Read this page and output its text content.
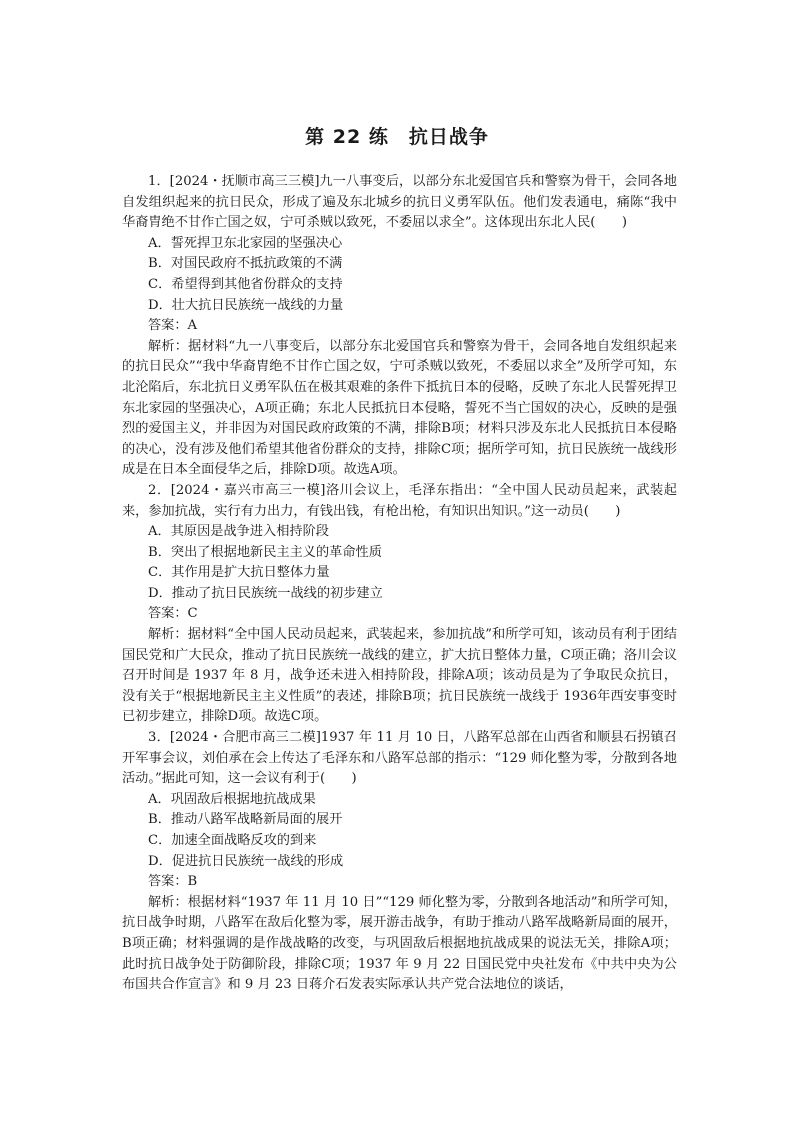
第 22 练　抗日战争

1．[2024・抚顺市高三三模]九一八事变后，以部分东北爱国官兵和警察为骨干，会同各地自发组织起来的抗日民众，形成了遍及东北城乡的抗日义勇军队伍。他们发表通电，痛陈“我中华裔胄绝不甘作亡国之奴，宁可杀贼以致死，不委屈以求全”。这体现出东北人民(　　)

A．誓死捍卫东北家园的坚强决心

B．对国民政府不抵抗政策的不满

C．希望得到其他省份群众的支持

D．壮大抗日民族统一战线的力量

答案：A

解析：据材料“九一八事变后，以部分东北爱国官兵和警察为骨干，会同各地自发组织起来的抗日民众”“我中华裔胄绝不甘作亡国之奴，宁可杀贼以致死，不委屈以求全”及所学可知，东北沦陷后，东北抗日义勇军队伍在极其艰难的条件下抵抗日本的侵略，反映了东北人民誓死捍卫东北家园的坚强决心，A项正确；东北人民抵抗日本侵略，誓死不当亡国奴的决心，反映的是强烈的爱国主义，并非因为对国民政府政策的不满，排除B项；材料只涉及东北人民抵抗日本侵略的决心，没有涉及他们希望其他省份群众的支持，排除C项；据所学可知，抗日民族统一战线形成是在日本全面侵华之后，排除D项。故选A项。

2．[2024・嘉兴市高三一模]洛川会议上，毛泽东指出：“全中国人民动员起来，武装起来，参加抗战，实行有力出力，有钱出钱，有枪出枪，有知识出知识。”这一动员(　　)

A．其原因是战争进入相持阶段

B．突出了根据地新民主主义的革命性质

C．其作用是扩大抗日整体力量

D．推动了抗日民族统一战线的初步建立

答案：C

解析：据材料“全中国人民动员起来，武装起来，参加抗战”和所学可知，该动员有利于团结国民党和广大民众，推动了抗日民族统一战线的建立，扩大抗日整体力量，C项正确；洛川会议召开时间是 1937 年 8 月，战争还未进入相持阶段，排除A项；该动员是为了争取民众抗日，没有关于“根据地新民主主义性质”的表述，排除B项；抗日民族统一战线于 1936年西安事变时已初步建立，排除D项。故选C项。

3．[2024・合肥市高三二模]1937 年 11 月 10 日，八路军总部在山西省和顺县石拐镇召开军事会议，刘伯承在会上传达了毛泽东和八路军总部的指示：“129 师化整为零，分散到各地活动。”据此可知，这一会议有利于(　　)

A．巩固敌后根据地抗战成果

B．推动八路军战略新局面的展开

C．加速全面战略反攻的到来

D．促进抗日民族统一战线的形成

答案：B

解析：根据材料“1937 年 11 月 10 日”“129 师化整为零，分散到各地活动”和所学可知，抗日战争时期，八路军在敌后化整为零，展开游击战争，有助于推动八路军战略新局面的展开，B项正确；材料强调的是作战战略的改变，与巩固敌后根据地抗战成果的说法无关，排除A项；此时抗日战争处于防御阶段，排除C项；1937 年 9 月 22 日国民党中央社发布《中共中央为公布国共合作宣言》和 9 月 23 日蒋介石发表实际承认共产党合法地位的谈话，
